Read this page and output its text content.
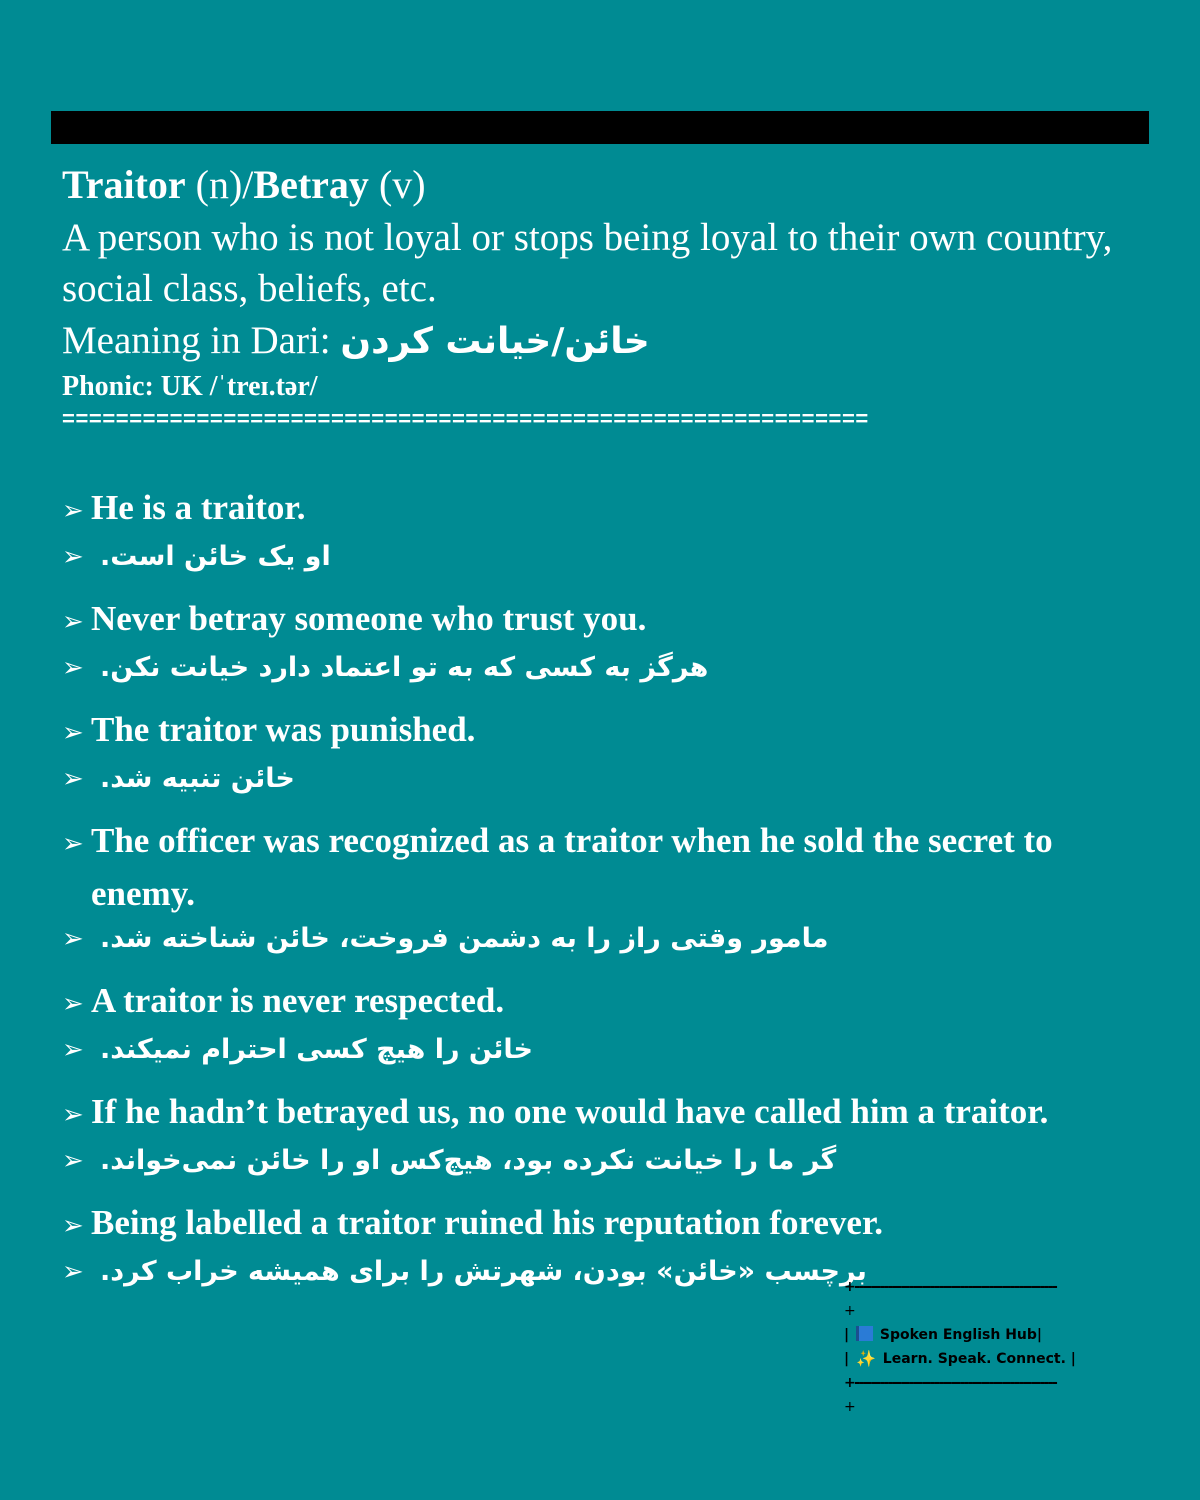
Traitor (n)/Betray (v)
A person who is not loyal or stops being loyal to their own country, social class, beliefs, etc.
Meaning in Dari: خائن/خیانت کردن
Phonic: UK /ˈtreɪ.tər/
============================================================
➢ He is a traitor.
➢ او یک خائن است.
➢ Never betray someone who trust you.
➢ هرگز به کسی که به تو اعتماد دارد خیانت نکن.
➢ The traitor was punished.
➢ خائن تنبیه شد.
➢ The officer was recognized as a traitor when he sold the secret to enemy.
➢ مامور وقتی راز را به دشمن فروخت، خائن شناخته شد.
➢ A traitor is never respected.
➢ خائن را هیچ کسی احترام نمیکند.
➢ If he hadn’t betrayed us, no one would have called him a traitor.
➢ گر ما را خیانت نکرده بود، هیچ‌کس او را خائن نمی‌خواند.
➢ Being labelled a traitor ruined his reputation forever.
➢ برچسب «خائن» بودن، شهرتش را برای همیشه خراب کرد.
+------------------------------------------------
+
|  Spoken English Hub|
| ✨ Learn. Speak. Connect. |
+------------------------------------------------
+
